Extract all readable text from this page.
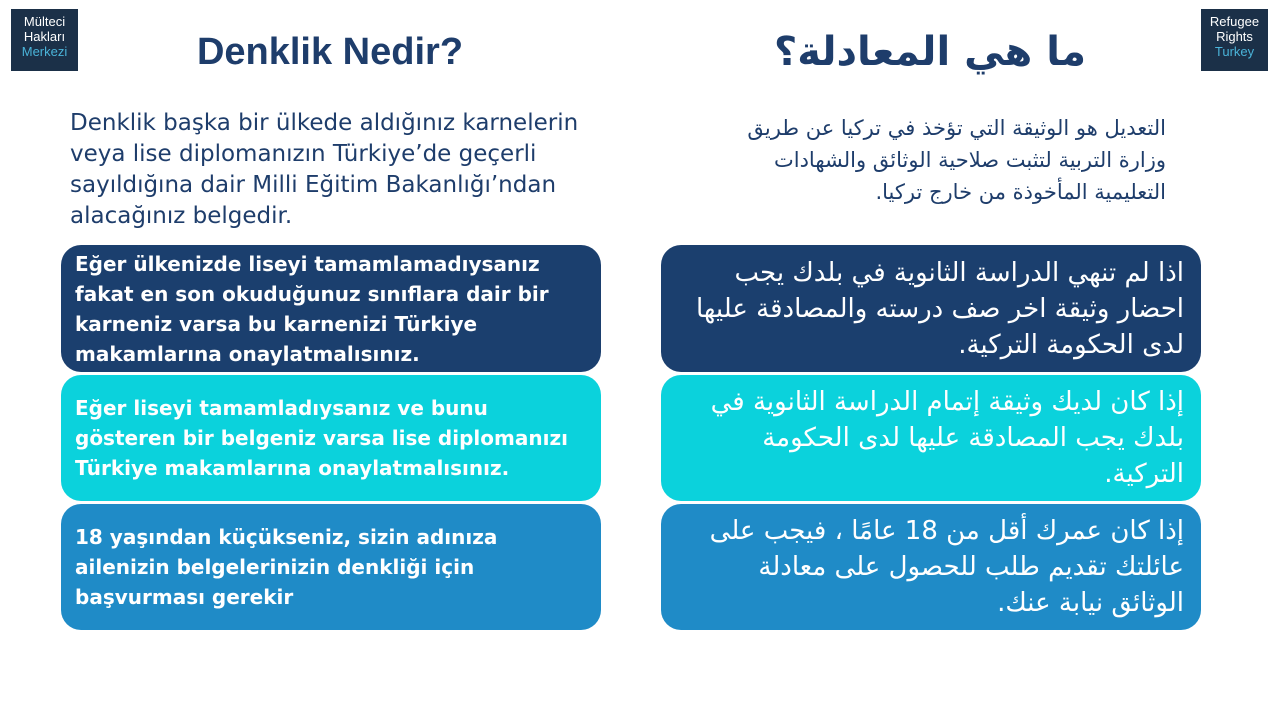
Mülteci
Hakları
Merkezi
Refugee
Rights
Turkey
Denklik Nedir?	ما هي المعادلة؟

Denklik başka bir ülkede aldığınız karnelerin veya lise diplomanızın Türkiye’de geçerli sayıldığına dair Milli Eğitim Bakanlığı’ndan alacağınız belgedir.

التعديل هو الوثيقة التي تؤخذ في تركيا عن طريق وزارة التربية لتثبت صلاحية الوثائق والشهادات التعليمية المأخوذة من خارج تركيا.

Eğer ülkenizde liseyi tamamlamadıysanız fakat en son okuduğunuz sınıflara dair bir karneniz varsa bu karnenizi Türkiye makamlarına onaylatmalısınız.

Eğer liseyi tamamladıysanız ve bunu gösteren bir belgeniz varsa lise diplomanızı Türkiye makamlarına onaylatmalısınız.

18 yaşından küçükseniz, sizin adınıza ailenizin belgelerinizin denkliği için başvurması gerekir

اذا لم تنهي الدراسة الثانوية في بلدك يجب احضار وثيقة اخر صف درسته والمصادقة عليها لدى الحكومة التركية.

إذا كان لديك وثيقة إتمام الدراسة الثانوية في بلدك يجب المصادقة عليها لدى الحكومة التركية.

إذا كان عمرك أقل من 18 عامًا ، فيجب على عائلتك تقديم طلب للحصول على معادلة الوثائق نيابة عنك.
